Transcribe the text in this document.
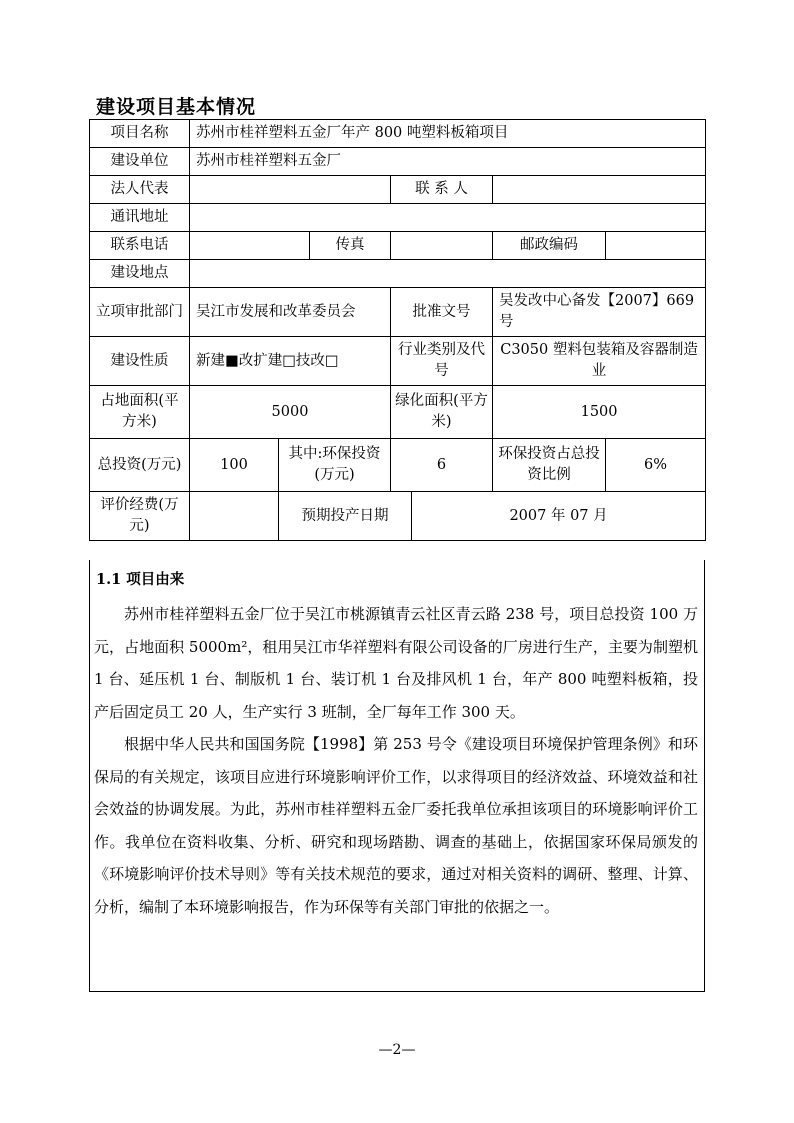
建设项目基本情况
项目名称	苏州市桂祥塑料五金厂年产 800 吨塑料板箱项目						
建设单位	苏州市桂祥塑料五金厂						
法人代表				联 系 人			
通讯地址							
联系电话			传真			邮政编码	
建设地点							
立项审批部门	吴江市发展和改革委员会			批准文号		吴发改中心备发【2007】669号	
建设性质	新建■改扩建□技改□			行业类别及代号		C3050 塑料包装箱及容器制造业	
占地面积(平方米)	5000			绿化面积(平方米)		1500	
总投资(万元)	100	其中:环保投资(万元)		6		环保投资占总投资比例	6%
评价经费(万元)		预期投产日期			2007 年 07 月		
1.1 项目由来

苏州市桂祥塑料五金厂位于吴江市桃源镇青云社区青云路 238 号，项目总投资 100 万元，占地面积 5000m²，租用吴江市华祥塑料有限公司设备的厂房进行生产，主要为制塑机 1 台、延压机 1 台、制版机 1 台、装订机 1 台及排风机 1 台，年产 800 吨塑料板箱，投产后固定员工 20 人，生产实行 3 班制，全厂每年工作 300 天。

根据中华人民共和国国务院【1998】第 253 号令《建设项目环境保护管理条例》和环保局的有关规定，该项目应进行环境影响评价工作，以求得项目的经济效益、环境效益和社会效益的协调发展。为此，苏州市桂祥塑料五金厂委托我单位承担该项目的环境影响评价工作。我单位在资料收集、分析、研究和现场踏勘、调查的基础上，依据国家环保局颁发的《环境影响评价技术导则》等有关技术规范的要求，通过对相关资料的调研、整理、计算、分析，编制了本环境影响报告，作为环保等有关部门审批的依据之一。

—2—
